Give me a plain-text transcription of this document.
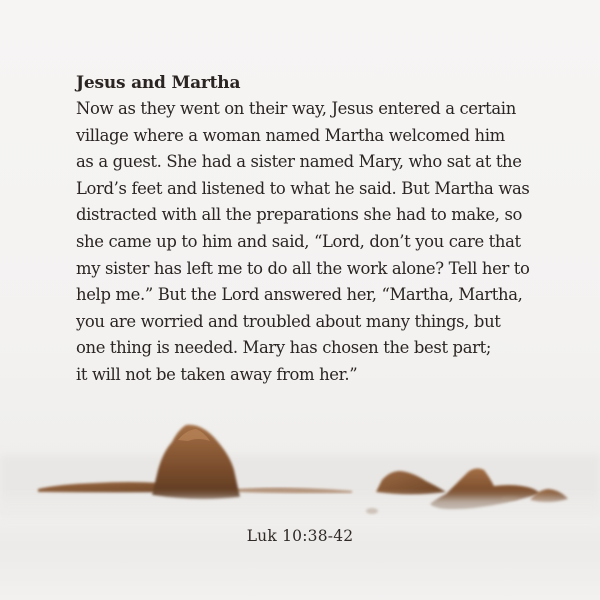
Jesus and Martha
Now as they went on their way, Jesus entered a certain
village where a woman named Martha welcomed him
as a guest. She had a sister named Mary, who sat at the
Lord’s feet and listened to what he said. But Martha was
distracted with all the preparations she had to make, so
she came up to him and said, “Lord, don’t you care that
my sister has left me to do all the work alone? Tell her to
help me.” But the Lord answered her, “Martha, Martha,
you are worried and troubled about many things, but
one thing is needed. Mary has chosen the best part;
it will not be taken away from her.”
Luk 10:38-42
